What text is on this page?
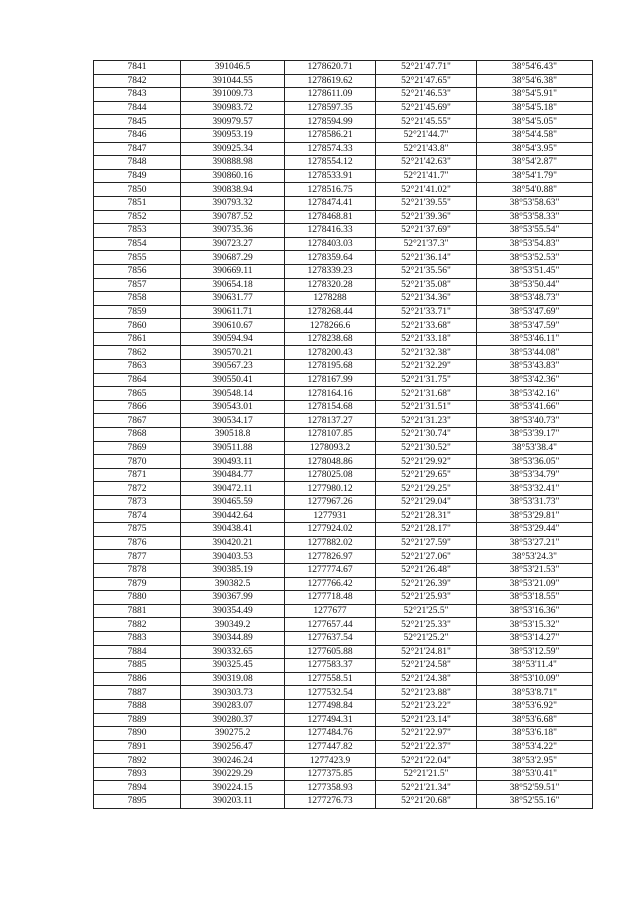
7841	391046.5	1278620.71	52°21'47.71"	38°54'6.43"
7842	391044.55	1278619.62	52°21'47.65"	38°54'6.38"
7843	391009.73	1278611.09	52°21'46.53"	38°54'5.91"
7844	390983.72	1278597.35	52°21'45.69"	38°54'5.18"
7845	390979.57	1278594.99	52°21'45.55"	38°54'5.05"
7846	390953.19	1278586.21	52°21'44.7"	38°54'4.58"
7847	390925.34	1278574.33	52°21'43.8"	38°54'3.95"
7848	390888.98	1278554.12	52°21'42.63"	38°54'2.87"
7849	390860.16	1278533.91	52°21'41.7"	38°54'1.79"
7850	390838.94	1278516.75	52°21'41.02"	38°54'0.88"
7851	390793.32	1278474.41	52°21'39.55"	38°53'58.63"
7852	390787.52	1278468.81	52°21'39.36"	38°53'58.33"
7853	390735.36	1278416.33	52°21'37.69"	38°53'55.54"
7854	390723.27	1278403.03	52°21'37.3"	38°53'54.83"
7855	390687.29	1278359.64	52°21'36.14"	38°53'52.53"
7856	390669.11	1278339.23	52°21'35.56"	38°53'51.45"
7857	390654.18	1278320.28	52°21'35.08"	38°53'50.44"
7858	390631.77	1278288	52°21'34.36"	38°53'48.73"
7859	390611.71	1278268.44	52°21'33.71"	38°53'47.69"
7860	390610.67	1278266.6	52°21'33.68"	38°53'47.59"
7861	390594.94	1278238.68	52°21'33.18"	38°53'46.11"
7862	390570.21	1278200.43	52°21'32.38"	38°53'44.08"
7863	390567.23	1278195.68	52°21'32.29"	38°53'43.83"
7864	390550.41	1278167.99	52°21'31.75"	38°53'42.36"
7865	390548.14	1278164.16	52°21'31.68"	38°53'42.16"
7866	390543.01	1278154.68	52°21'31.51"	38°53'41.66"
7867	390534.17	1278137.27	52°21'31.23"	38°53'40.73"
7868	390518.8	1278107.85	52°21'30.74"	38°53'39.17"
7869	390511.88	1278093.2	52°21'30.52"	38°53'38.4"
7870	390493.11	1278048.86	52°21'29.92"	38°53'36.05"
7871	390484.77	1278025.08	52°21'29.65"	38°53'34.79"
7872	390472.11	1277980.12	52°21'29.25"	38°53'32.41"
7873	390465.59	1277967.26	52°21'29.04"	38°53'31.73"
7874	390442.64	1277931	52°21'28.31"	38°53'29.81"
7875	390438.41	1277924.02	52°21'28.17"	38°53'29.44"
7876	390420.21	1277882.02	52°21'27.59"	38°53'27.21"
7877	390403.53	1277826.97	52°21'27.06"	38°53'24.3"
7878	390385.19	1277774.67	52°21'26.48"	38°53'21.53"
7879	390382.5	1277766.42	52°21'26.39"	38°53'21.09"
7880	390367.99	1277718.48	52°21'25.93"	38°53'18.55"
7881	390354.49	1277677	52°21'25.5"	38°53'16.36"
7882	390349.2	1277657.44	52°21'25.33"	38°53'15.32"
7883	390344.89	1277637.54	52°21'25.2"	38°53'14.27"
7884	390332.65	1277605.88	52°21'24.81"	38°53'12.59"
7885	390325.45	1277583.37	52°21'24.58"	38°53'11.4"
7886	390319.08	1277558.51	52°21'24.38"	38°53'10.09"
7887	390303.73	1277532.54	52°21'23.88"	38°53'8.71"
7888	390283.07	1277498.84	52°21'23.22"	38°53'6.92"
7889	390280.37	1277494.31	52°21'23.14"	38°53'6.68"
7890	390275.2	1277484.76	52°21'22.97"	38°53'6.18"
7891	390256.47	1277447.82	52°21'22.37"	38°53'4.22"
7892	390246.24	1277423.9	52°21'22.04"	38°53'2.95"
7893	390229.29	1277375.85	52°21'21.5"	38°53'0.41"
7894	390224.15	1277358.93	52°21'21.34"	38°52'59.51"
7895	390203.11	1277276.73	52°21'20.68"	38°52'55.16"
